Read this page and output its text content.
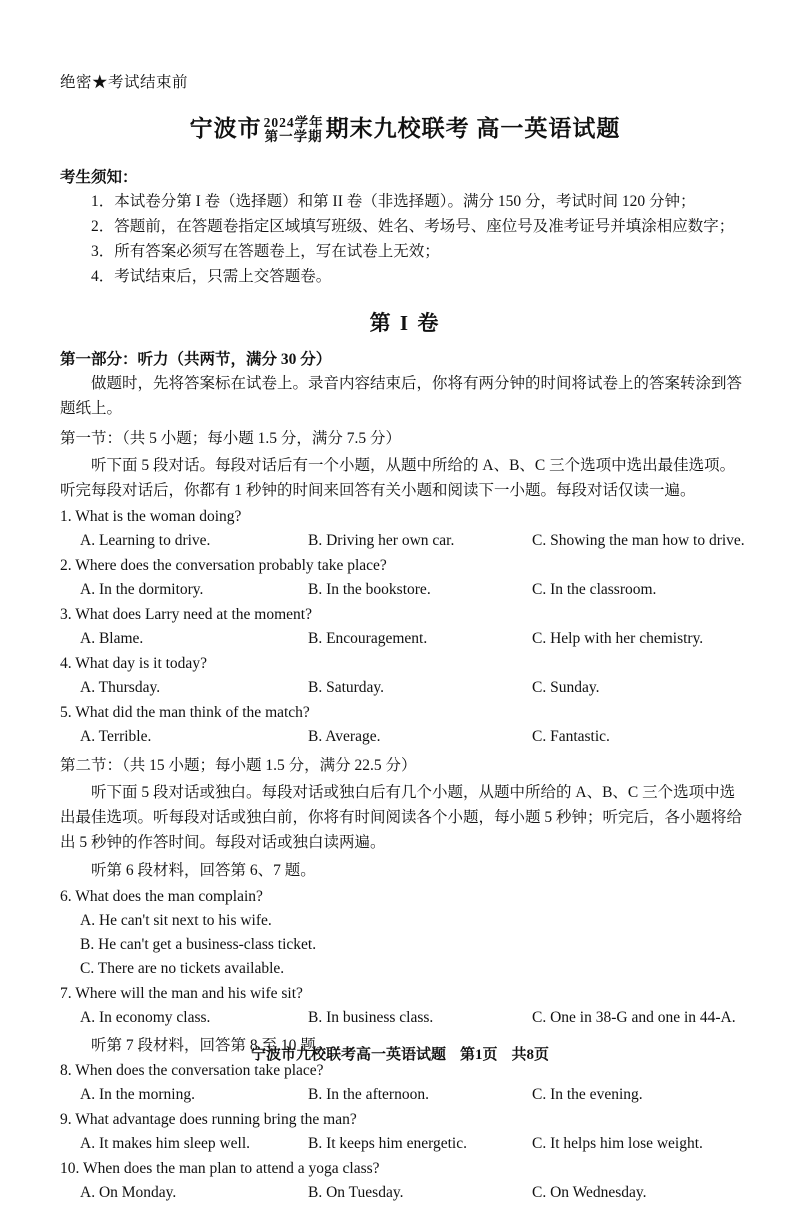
绝密★考试结束前
宁波市 2024学年
第一学期 期末九校联考 高一英语试题
考生须知：
1．本试卷分第 I 卷（选择题）和第 II 卷（非选择题）。满分 150 分，考试时间 120 分钟；
2．答题前，在答题卷指定区域填写班级、姓名、考场号、座位号及准考证号并填涂相应数字；
3．所有答案必须写在答题卷上，写在试卷上无效；
4．考试结束后，只需上交答题卷。
第 I 卷
第一部分：听力（共两节，满分 30 分）
做题时，先将答案标在试卷上。录音内容结束后，你将有两分钟的时间将试卷上的答案转涂到答题纸上。
第一节：（共 5 小题；每小题 1.5 分，满分 7.5 分）
听下面 5 段对话。每段对话后有一个小题，从题中所给的 A、B、C 三个选项中选出最佳选项。听完每段对话后，你都有 1 秒钟的时间来回答有关小题和阅读下一小题。每段对话仅读一遍。
1. What is the woman doing?
A. Learning to drive.	B. Driving her own car.	C. Showing the man how to drive.
2. Where does the conversation probably take place?
A. In the dormitory.	B. In the bookstore.	C. In the classroom.
3. What does Larry need at the moment?
A. Blame.	B. Encouragement.	C. Help with her chemistry.
4. What day is it today?
A. Thursday.	B. Saturday.	C. Sunday.
5. What did the man think of the match?
A. Terrible.	B. Average.	C. Fantastic.
第二节：（共 15 小题；每小题 1.5 分，满分 22.5 分）
听下面 5 段对话或独白。每段对话或独白后有几个小题，从题中所给的 A、B、C 三个选项中选出最佳选项。听每段对话或独白前，你将有时间阅读各个小题，每小题 5 秒钟；听完后，各小题将给出 5 秒钟的作答时间。每段对话或独白读两遍。
听第 6 段材料，回答第 6、7 题。
6. What does the man complain?
A. He can't sit next to his wife.
B. He can't get a business-class ticket.
C. There are no tickets available.
7. Where will the man and his wife sit?
A. In economy class.	B. In business class.	C. One in 38-G and one in 44-A.
听第 7 段材料，回答第 8 至 10 题。
8. When does the conversation take place?
A. In the morning.	B. In the afternoon.	C. In the evening.
9. What advantage does running bring the man?
A. It makes him sleep well.	B. It keeps him energetic.	C. It helps him lose weight.
10. When does the man plan to attend a yoga class?
A. On Monday.	B. On Tuesday.	C. On Wednesday.
宁波市九校联考高一英语试题 第1页 共8页
